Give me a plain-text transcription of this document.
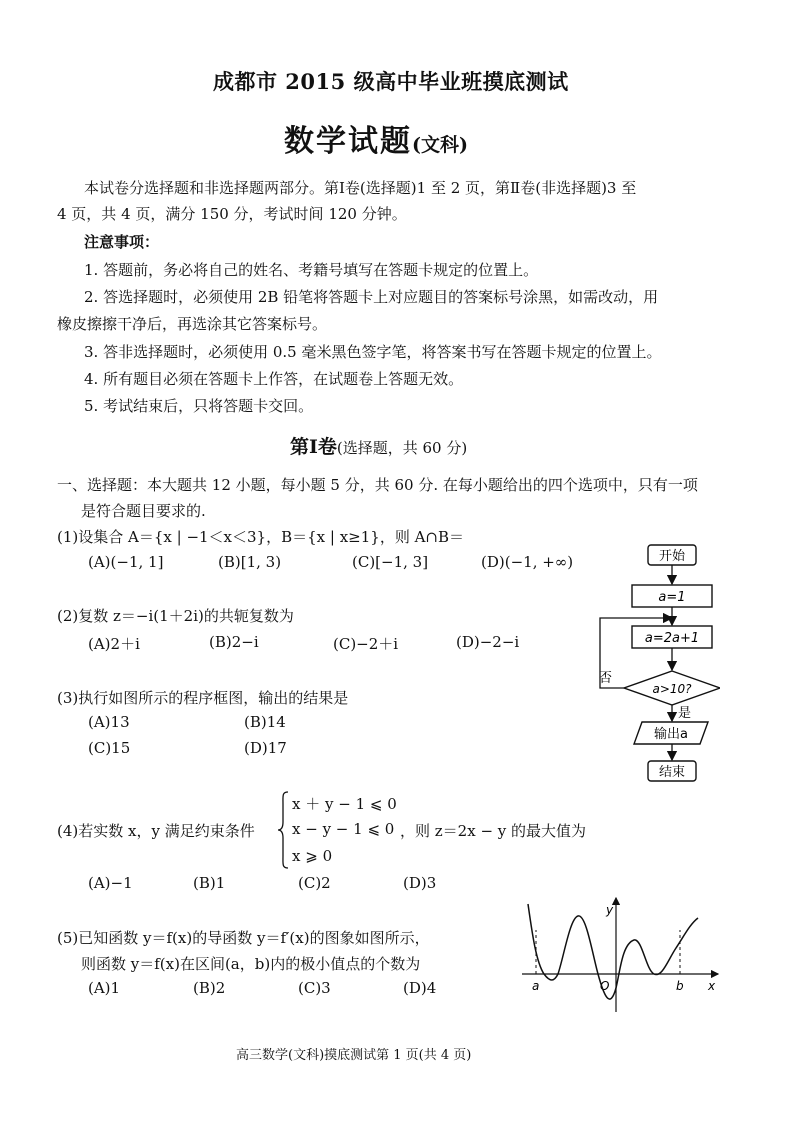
成都市 2015 级高中毕业班摸底测试
数学试题(文科)
本试卷分选择题和非选择题两部分。第Ⅰ卷(选择题)1 至 2 页，第Ⅱ卷(非选择题)3 至
4 页，共 4 页，满分 150 分，考试时间 120 分钟。
注意事项：
1. 答题前，务必将自己的姓名、考籍号填写在答题卡规定的位置上。
2. 答选择题时，必须使用 2B 铅笔将答题卡上对应题目的答案标号涂黑，如需改动，用
橡皮擦擦干净后，再选涂其它答案标号。
3. 答非选择题时，必须使用 0.5 毫米黑色签字笔，将答案书写在答题卡规定的位置上。
4. 所有题目必须在答题卡上作答，在试题卷上答题无效。
5. 考试结束后，只将答题卡交回。
第Ⅰ卷(选择题，共 60 分)
一、选择题：本大题共 12 小题，每小题 5 分，共 60 分. 在每小题给出的四个选项中，只有一项
是符合题目要求的.
(1)设集合 A＝{x | −1＜x＜3}，B＝{x | x≥1}，则 A∩B＝
(A)(−1, 1]	(B)[1, 3)	(C)[−1, 3]	(D)(−1, +∞)
(2)复数 z＝−i(1＋2i)的共轭复数为
(A)2＋i	(B)2−i	(C)−2＋i	(D)−2−i
(3)执行如图所示的程序框图，输出的结果是
(A)13	(B)14
(C)15	(D)17
(4)若实数 x，y 满足约束条件
x ＋ y − 1 ⩽ 0
x − y − 1 ⩽ 0
x ⩾ 0
，则 z＝2x − y 的最大值为
(A)−1	(B)1	(C)2	(D)3
(5)已知函数 y＝f(x)的导函数 y＝f′(x)的图象如图所示，
则函数 y＝f(x)在区间(a，b)内的极小值点的个数为
(A)1	(B)2	(C)3	(D)4
开始
a=1
a=2a+1
a>10?
否
是
输出a
结束
y
x
a	O	b
高三数学(文科)摸底测试第 1 页(共 4 页)
